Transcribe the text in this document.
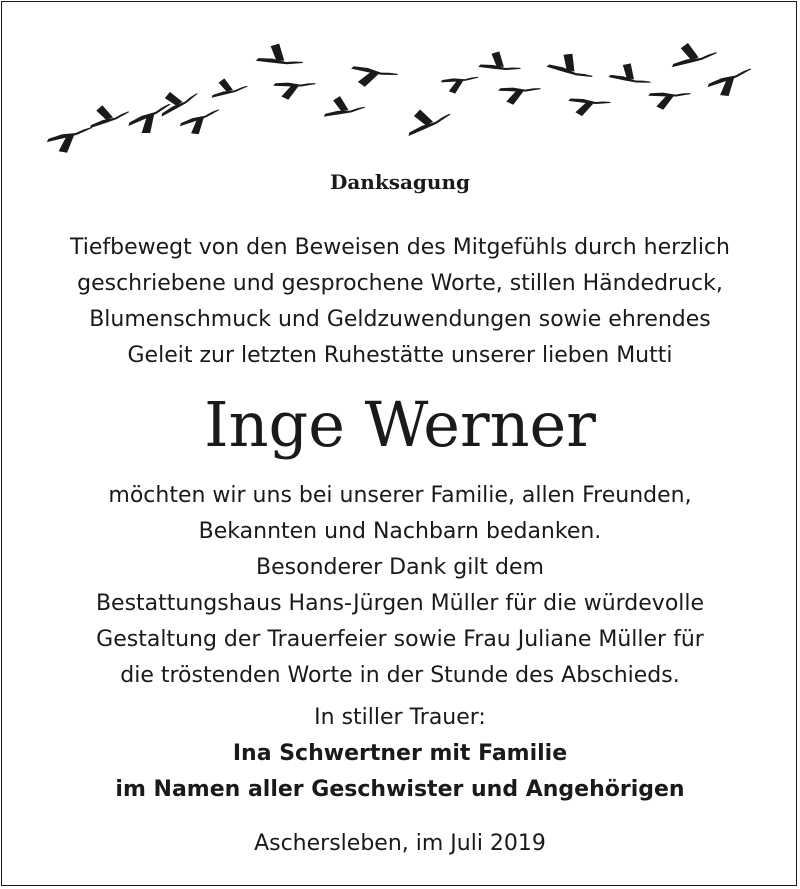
Danksagung
Tiefbewegt von den Beweisen des Mitgefühls durch herzlich
geschriebene und gesprochene Worte, stillen Händedruck,
Blumenschmuck und Geldzuwendungen sowie ehrendes
Geleit zur letzten Ruhestätte unserer lieben Mutti
Inge Werner
möchten wir uns bei unserer Familie, allen Freunden,
Bekannten und Nachbarn bedanken.
Besonderer Dank gilt dem
Bestattungshaus Hans-Jürgen Müller für die würdevolle
Gestaltung der Trauerfeier sowie Frau Juliane Müller für
die tröstenden Worte in der Stunde des Abschieds.
In stiller Trauer:
Ina Schwertner mit Familie
im Namen aller Geschwister und Angehörigen
Aschersleben, im Juli 2019
